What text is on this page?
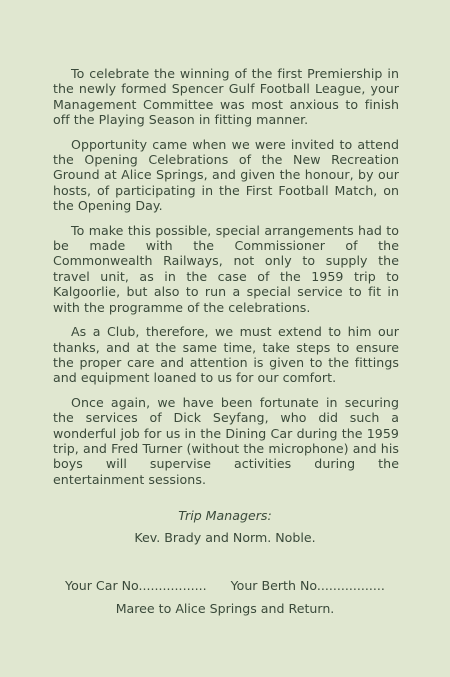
To celebrate the winning of the first Premiership in the newly formed Spencer Gulf Football League, your Management Committee was most anxious to finish off the Playing Season in fitting manner.

Opportunity came when we were invited to attend the Opening Celebrations of the New Recreation Ground at Alice Springs, and given the honour, by our hosts, of participating in the First Football Match, on the Opening Day.

To make this possible, special arrangements had to be made with the Commissioner of the Commonwealth Railways, not only to supply the travel unit, as in the case of the 1959 trip to Kalgoorlie, but also to run a special service to fit in with the programme of the celebrations.

As a Club, therefore, we must extend to him our thanks, and at the same time, take steps to ensure the proper care and attention is given to the fittings and equipment loaned to us for our comfort.

Once again, we have been fortunate in securing the services of Dick Seyfang, who did such a wonderful job for us in the Dining Car during the 1959 trip, and Fred Turner (without the microphone) and his boys will supervise activities during the entertainment sessions.

Trip Managers:

Kev. Brady and Norm. Noble.

Your Car No................. Your Berth No.................

Maree to Alice Springs and Return.
